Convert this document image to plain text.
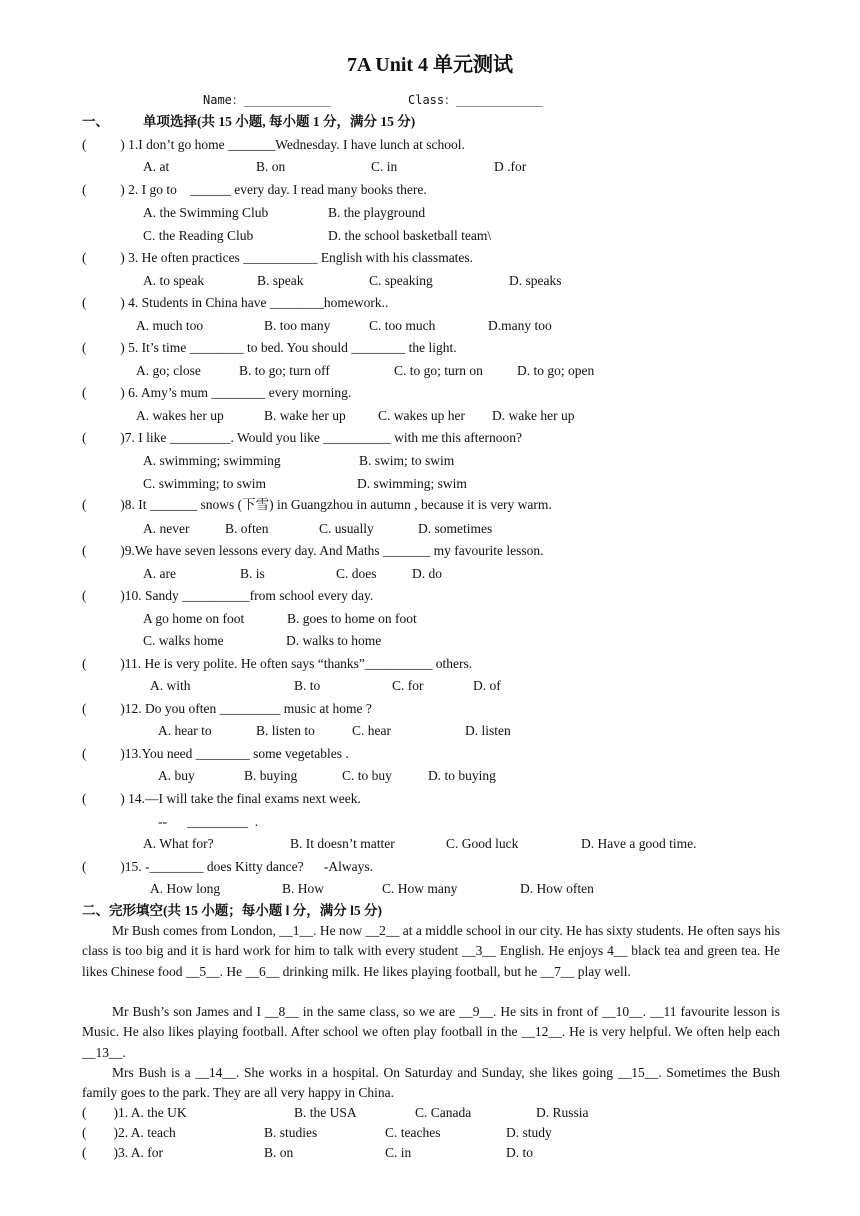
7A Unit 4 单元测试
Name：____________	Class：____________
一、	单项选择(共 15 小题, 每小题 1 分，满分 15 分)
(          ) 1.I don’t go home _______Wednesday. I have lunch at school.
A. at	B. on	C. in	D .for
(          ) 2. I go to    ______ every day. I read many books there.
A. the Swimming Club	B. the playground
C. the Reading Club	D. the school basketball team\
(          ) 3. He often practices ___________ English with his classmates.
A. to speak	B. speak	C. speaking	D. speaks
(          ) 4. Students in China have ________homework..
A. much too	B. too many	C. too much	D.many too
(          ) 5. It’s time ________ to bed. You should ________ the light.
A. go; close	B. to go; turn off	C. to go; turn on	D. to go; open
(          ) 6. Amy’s mum ________ every morning.
A. wakes her up	B. wake her up C. wakes up her D. wake her up
(          )7. I like _________. Would you like __________ with me this afternoon?
A. swimming; swimming	B. swim; to swim
C. swimming; to swim	D. swimming; swim
(          )8. It _______ snows (下雪) in Guangzhou in autumn , because it is very warm.
A. never	B. often	C. usually	D. sometimes
(          )9.We have seven lessons every day. And Maths _______ my favourite lesson.
A. are	B. is	C. does	D. do
(          )10. Sandy __________from school every day.
A go home on foot	B. goes to home on foot
C. walks home	D. walks to home
(          )11. He is very polite. He often says “thanks”__________ others.
A. with	B. to	C. for	D. of
(          )12. Do you often _________ music at home ?
A. hear to	B. listen to	C. hear	D. listen
(          )13.You need ________ some vegetables .
A. buy	B. buying	C. to buy	D. to buying
(          ) 14.—I will take the final exams next week.
--      _________  .
A. What for?	B. It doesn’t matter	C. Good luck	D. Have a good time.
(          )15. -________ does Kitty dance?      -Always.
A. How long	B. How	C. How many	D. How often
二、完形填空(共 15 小题；每小题 l 分，满分 l5 分)
Mr Bush comes from London, __1__. He now __2__ at a middle school in our city. He has sixty students. He often says his class is too big and it is hard work for him to talk with every student __3__ English. He enjoys 4__ black tea and green tea. He likes Chinese food __5__. He __6__ drinking milk. He likes playing football, but he __7__ play well.
Mr Bush’s son James and I __8__ in the same class, so we are __9__. He sits in front of __10__. __11 favourite lesson is Music. He also likes playing football. After school we often play football in the __12__. He is very helpful. We often help each __13__.
Mrs Bush is a __14__. She works in a hospital. On Saturday and Sunday, she likes going __15__. Sometimes the Bush family goes to the park. They are all very happy in China.
(        )1. A. the UK	B. the USA	C. Canada	D. Russia
(        )2. A. teach	B. studies	C. teaches	D. study
(        )3. A. for	B. on	C. in	D. to
